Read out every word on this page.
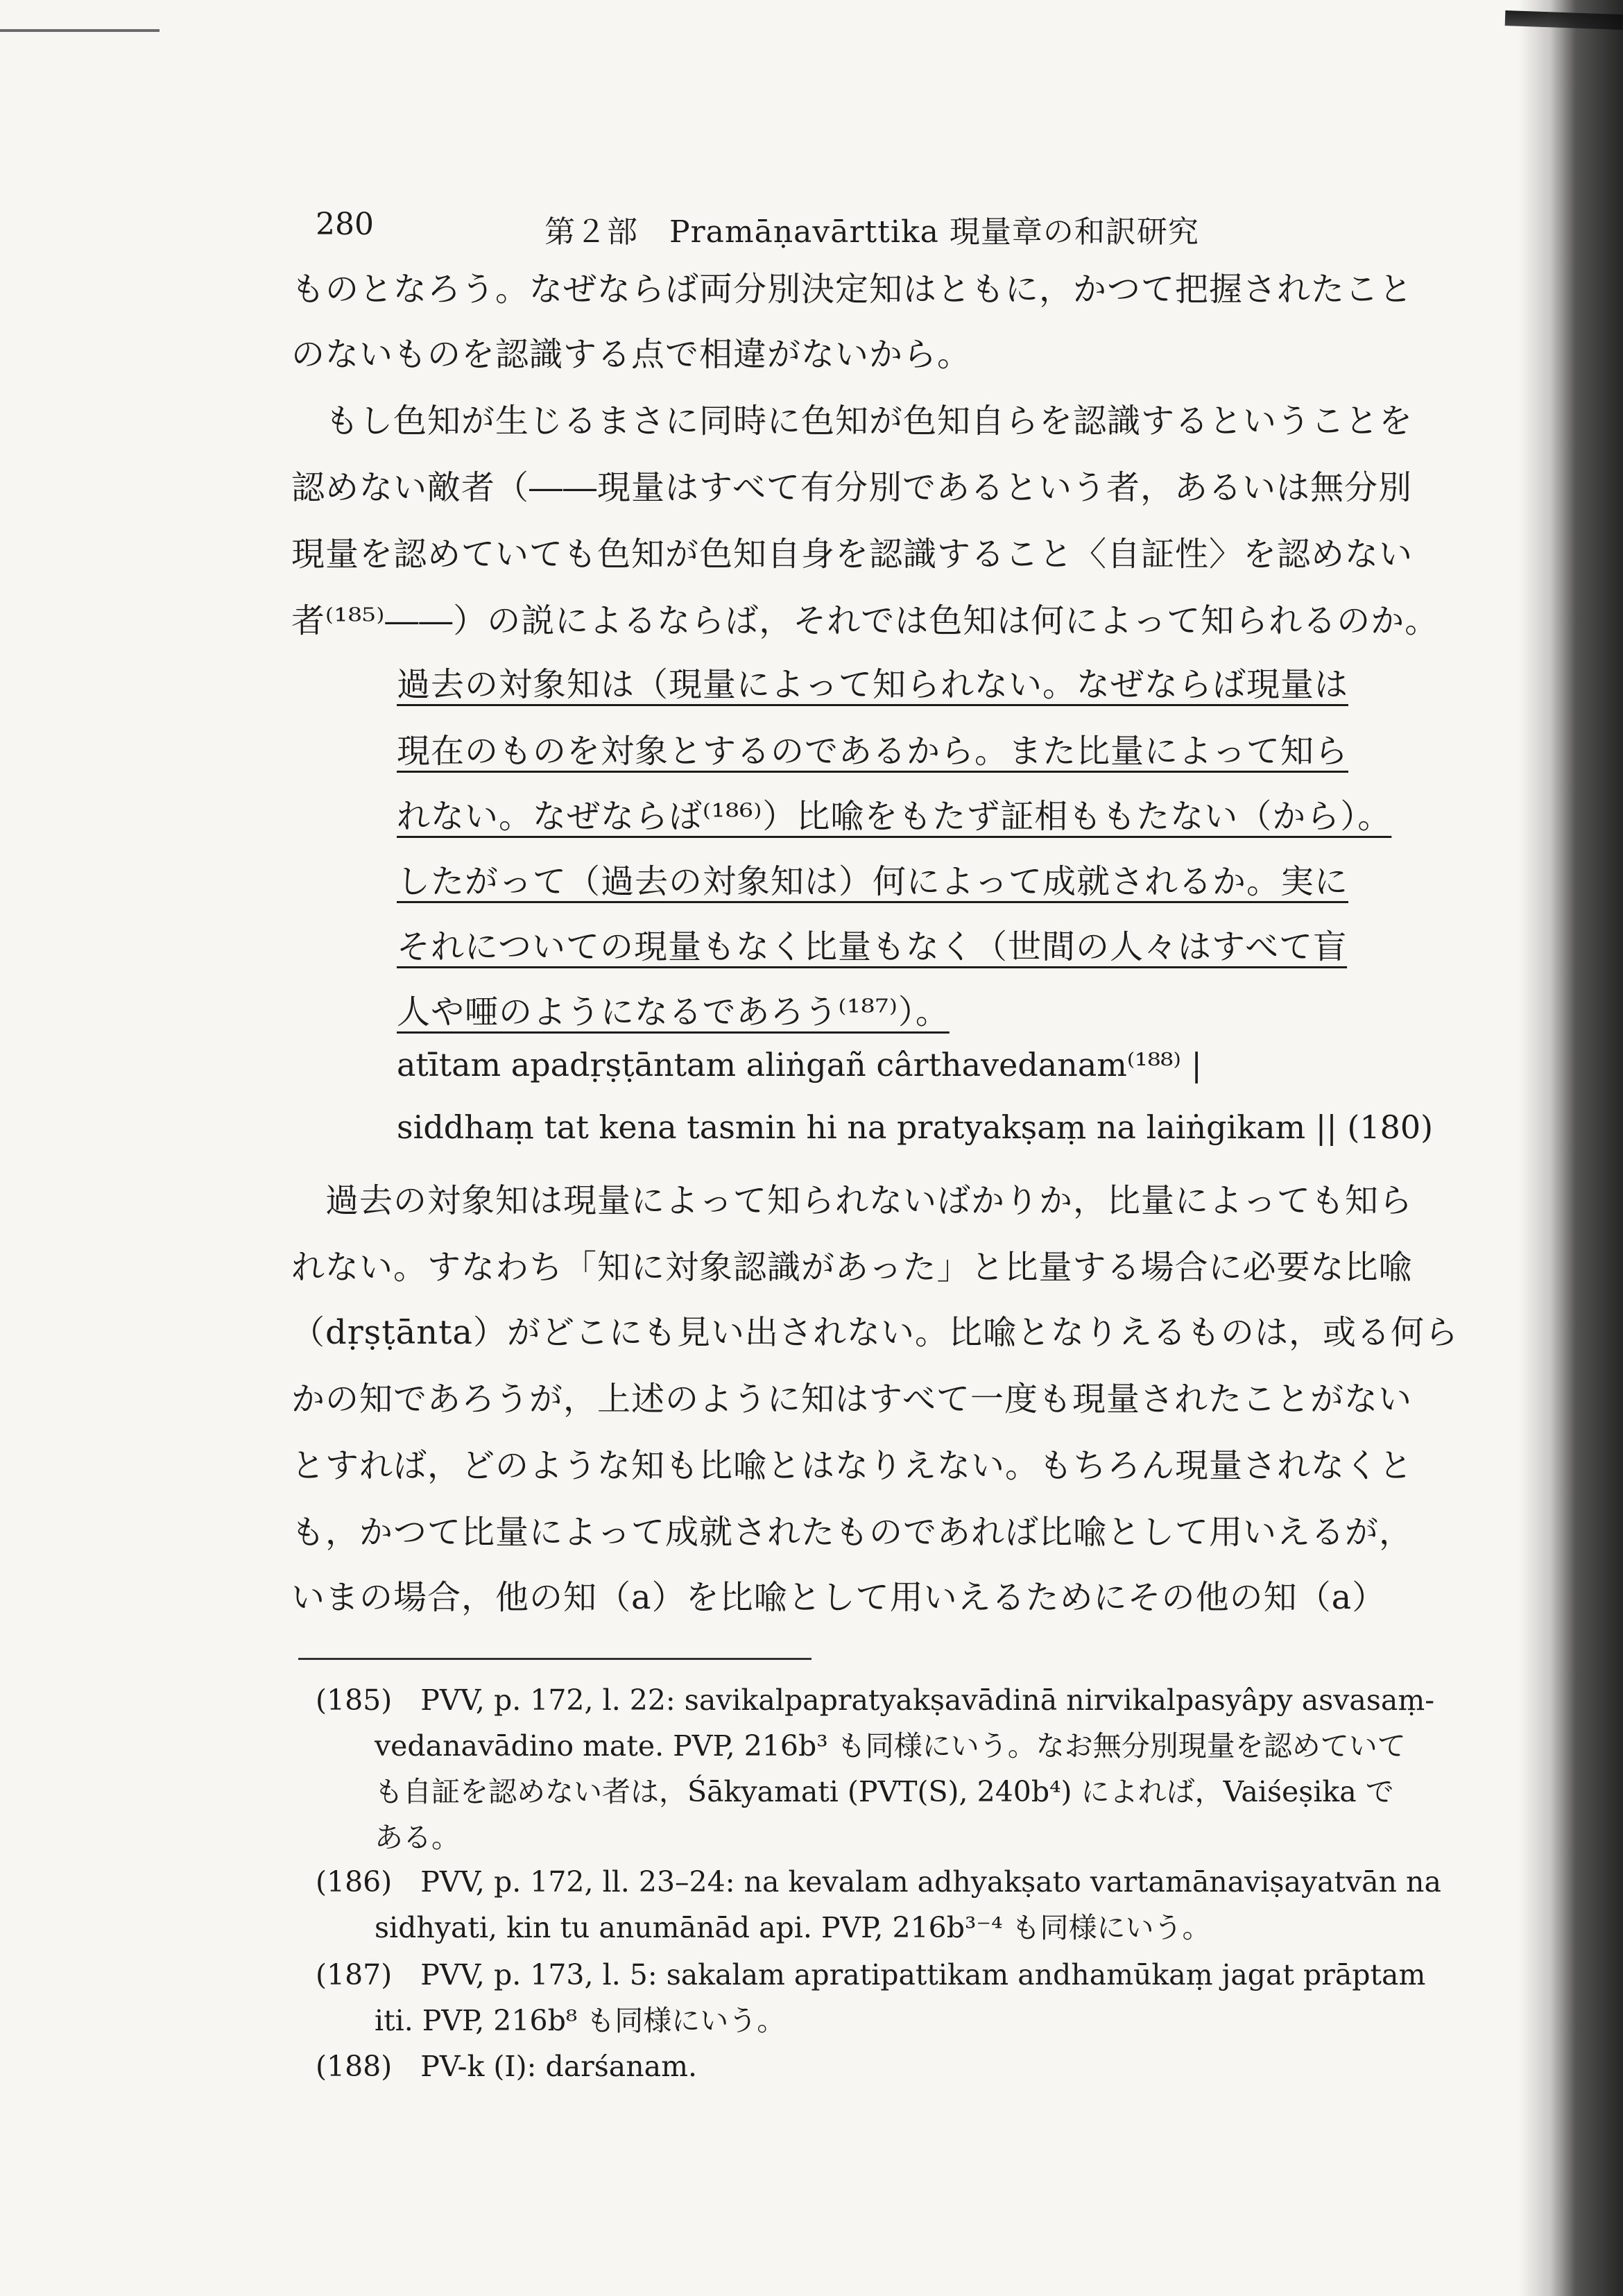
280	第２部　Pramāṇavārttika 現量章の和訳研究
ものとなろう。なぜならば両分別決定知はともに，かつて把握されたこと
のないものを認識する点で相違がないから。
　もし色知が生じるまさに同時に色知が色知自らを認識するということを
認めない敵者（――現量はすべて有分別であるという者，あるいは無分別
現量を認めていても色知が色知自身を認識すること〈自証性〉を認めない
者⁽¹⁸⁵⁾――）の説によるならば，それでは色知は何によって知られるのか。
過去の対象知は（現量によって知られない。なぜならば現量は
現在のものを対象とするのであるから。また比量によって知ら
れない。なぜならば⁽¹⁸⁶⁾）比喩をもたず証相ももたない（から）。
したがって（過去の対象知は）何によって成就されるか。実に
それについての現量もなく比量もなく（世間の人々はすべて盲
人や唖のようになるであろう⁽¹⁸⁷⁾）。
atītam apadṛṣṭāntam aliṅgañ cârthavedanam⁽¹⁸⁸⁾ |
siddhaṃ tat kena tasmin hi na pratyakṣaṃ na laiṅgikam || (180)
　過去の対象知は現量によって知られないばかりか，比量によっても知ら
れない。すなわち「知に対象認識があった」と比量する場合に必要な比喩
（dṛṣṭānta）がどこにも見い出されない。比喩となりえるものは，或る何ら
かの知であろうが，上述のように知はすべて一度も現量されたことがない
とすれば，どのような知も比喩とはなりえない。もちろん現量されなくと
も，かつて比量によって成就されたものであれば比喩として用いえるが，
いまの場合，他の知（a）を比喩として用いえるためにその他の知（a）
(185)　PVV, p. 172, l. 22: savikalpapratyakṣavādinā nirvikalpasyâpy asvasaṃ-
vedanavādino mate. PVP, 216b³ も同様にいう。なお無分別現量を認めていて
も自証を認めない者は，Śākyamati (PVT(S), 240b⁴) によれば，Vaiśeṣika で
ある。
(186)　PVV, p. 172, ll. 23–24: na kevalam adhyakṣato vartamānaviṣayatvān na
sidhyati, kin tu anumānād api. PVP, 216b³⁻⁴ も同様にいう。
(187)　PVV, p. 173, l. 5: sakalam apratipattikam andhamūkaṃ jagat prāptam
iti. PVP, 216b⁸ も同様にいう。
(188)　PV-k (I): darśanam.
